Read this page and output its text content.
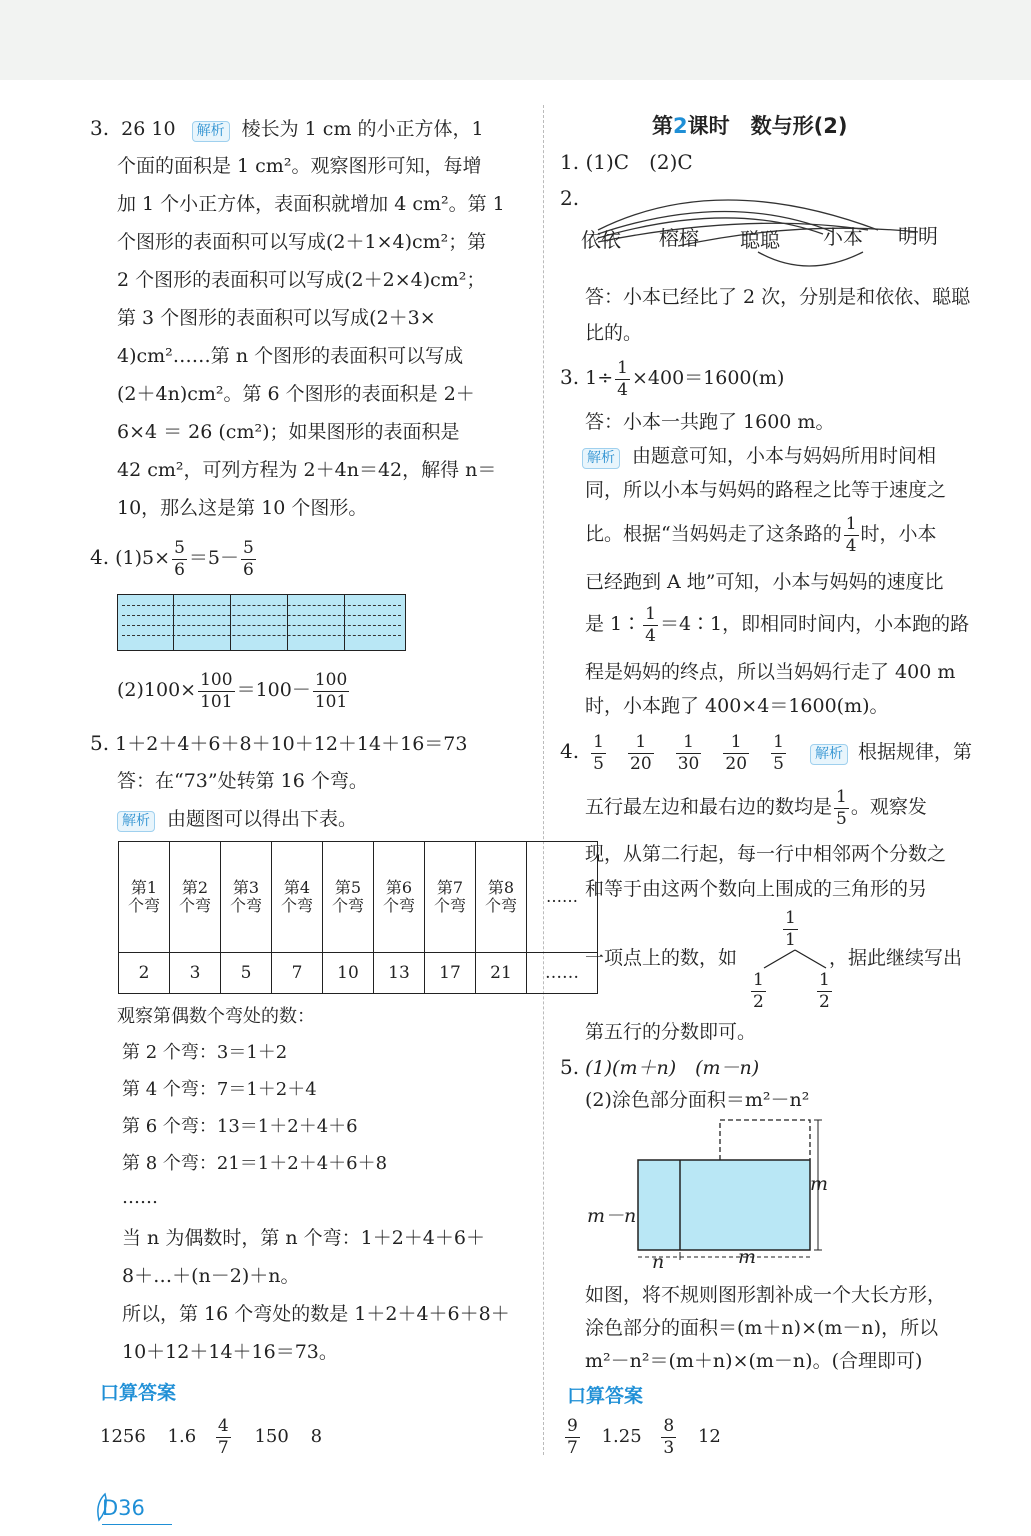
3. 26 10 解析 棱长为 1 cm 的小正方体，1
个面的面积是 1 cm²。观察图形可知，每增
加 1 个小正方体，表面积就增加 4 cm²。第 1
个图形的表面积可以写成(2＋1×4)cm²；第
2 个图形的表面积可以写成(2＋2×4)cm²；
第 3 个图形的表面积可以写成(2＋3×
4)cm²……第 n 个图形的表面积可以写成
(2＋4n)cm²。第 6 个图形的表面积是 2＋
6×4 ＝ 26 (cm²)；如果图形的表面积是
42 cm²，可列方程为 2＋4n＝42，解得 n＝
10，那么这是第 10 个图形。
4. $(1)5\times \frac{5}{6} =5- \frac{5}{6}$
$(2)100\times \frac{100}{101} =100- \frac{100}{101}$
5. 1＋2＋4＋6＋8＋10＋12＋14＋16＝73
答：在“73”处转第 16 个弯。
解析 由题图可以得出下表。
第1个弯	第2个弯	第3个弯	第4个弯	第5个弯	第6个弯	第7个弯	第8个弯	……
2	3	5	7	10	13	17	21	……
观察第偶数个弯处的数：
第 2 个弯：3＝1＋2
第 4 个弯：7＝1＋2＋4
第 6 个弯：13＝1＋2＋4＋6
第 8 个弯：21＝1＋2＋4＋6＋8
……
当 n 为偶数时，第 n 个弯：1＋2＋4＋6＋
8＋…＋(n－2)＋n。
所以，第 16 个弯处的数是 1＋2＋4＋6＋8＋
10＋12＋14＋16＝73。
口算答案
1256 $1.6 \frac{4}{7} 150$ 8
第2课时　数与形(2)
1. (1)C　(2)C
2.
依依 榕榕 聪聪 小本 明明
答：小本已经比了 2 次，分别是和依依、聪聪
比的。
3. $1\div \frac{1}{4} \times 400=1600(m)$
答：小本一共跑了 1600 m。
解析 由题意可知，小本与妈妈所用时间相
同，所以小本与妈妈的路程之比等于速度之
比。根据“当妈妈走了这条路的 $\frac{1}{4}$ 时，小本
已经跑到 A 地”可知，小本与妈妈的速度比
是 1∶ $\frac{1}{4}$ ＝4∶1，即相同时间内，小本跑的路
程是妈妈的终点，所以当妈妈行走了 400 m
时，小本跑了 400×4＝1600(m)。
4. $\frac{1}{5}$
$\frac{1}{20}$
$\frac{1}{30}$
$\frac{1}{20}$
$\frac{1}{5}$ 解析 根据规律，第
五行最左边和最右边的数均是 $\frac{1}{5}$ 。观察发
现，从第二行起，每一行中相邻两个分数之
和等于由这两个数向上围成的三角形的另
一项点上的数，如	，据此继续写出
$\frac{1}{1}$
$\frac{1}{2}$	$\frac{1}{2}$
第五行的分数即可。
5. (1)(m＋n)　(m－n)
(2)涂色部分面积＝m²－n²
m－n
m
n	m
如图，将不规则图形割补成一个大长方形，
涂色部分的面积＝(m＋n)×(m－n)，所以
m²－n²＝(m＋n)×(m－n)。(合理即可)
口算答案
$\frac{9}{7} 1.25 \frac{8}{3} 12$
D36
